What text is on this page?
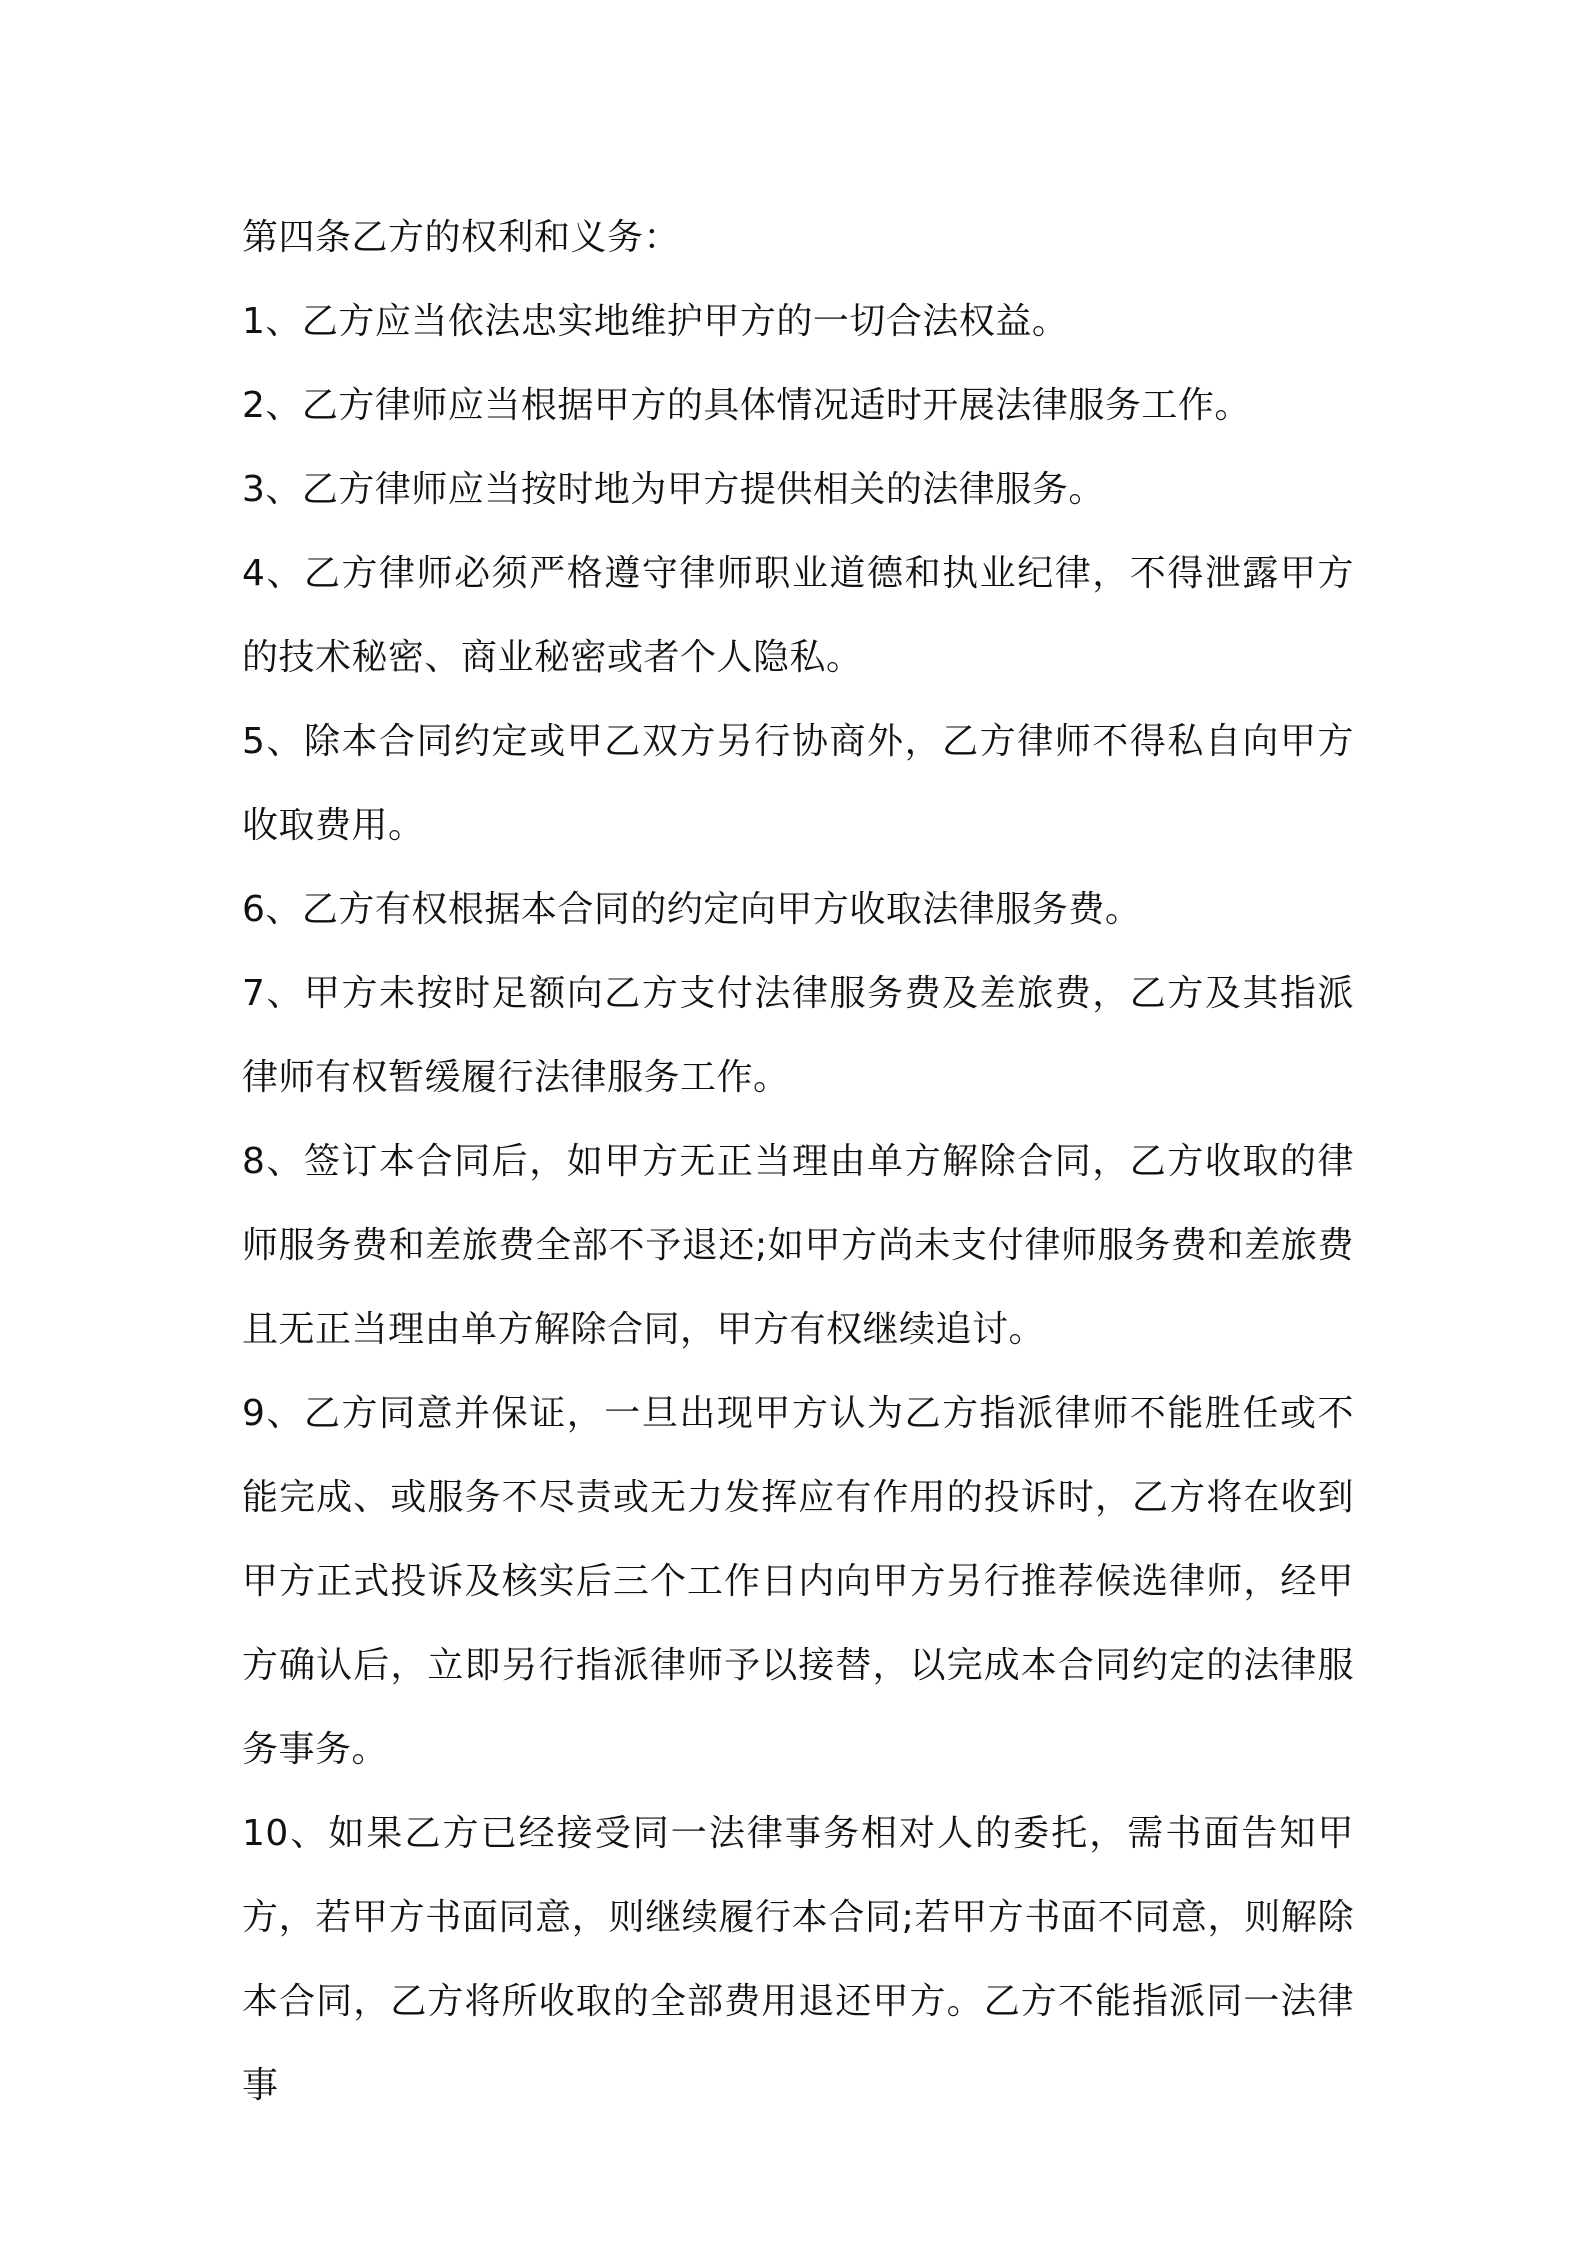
第四条乙方的权利和义务：

1、乙方应当依法忠实地维护甲方的一切合法权益。

2、乙方律师应当根据甲方的具体情况适时开展法律服务工作。

3、乙方律师应当按时地为甲方提供相关的法律服务。

4、乙方律师必须严格遵守律师职业道德和执业纪律，不得泄露甲方的技术秘密、商业秘密或者个人隐私。

5、除本合同约定或甲乙双方另行协商外，乙方律师不得私自向甲方收取费用。

6、乙方有权根据本合同的约定向甲方收取法律服务费。

7、甲方未按时足额向乙方支付法律服务费及差旅费，乙方及其指派律师有权暂缓履行法律服务工作。

8、签订本合同后，如甲方无正当理由单方解除合同，乙方收取的律师服务费和差旅费全部不予退还;如甲方尚未支付律师服务费和差旅费且无正当理由单方解除合同，甲方有权继续追讨。

9、乙方同意并保证，一旦出现甲方认为乙方指派律师不能胜任或不能完成、或服务不尽责或无力发挥应有作用的投诉时，乙方将在收到甲方正式投诉及核实后三个工作日内向甲方另行推荐候选律师，经甲方确认后，立即另行指派律师予以接替，以完成本合同约定的法律服务事务。

10、如果乙方已经接受同一法律事务相对人的委托，需书面告知甲方，若甲方书面同意，则继续履行本合同;若甲方书面不同意，则解除本合同，乙方将所收取的全部费用退还甲方。乙方不能指派同一法律事
